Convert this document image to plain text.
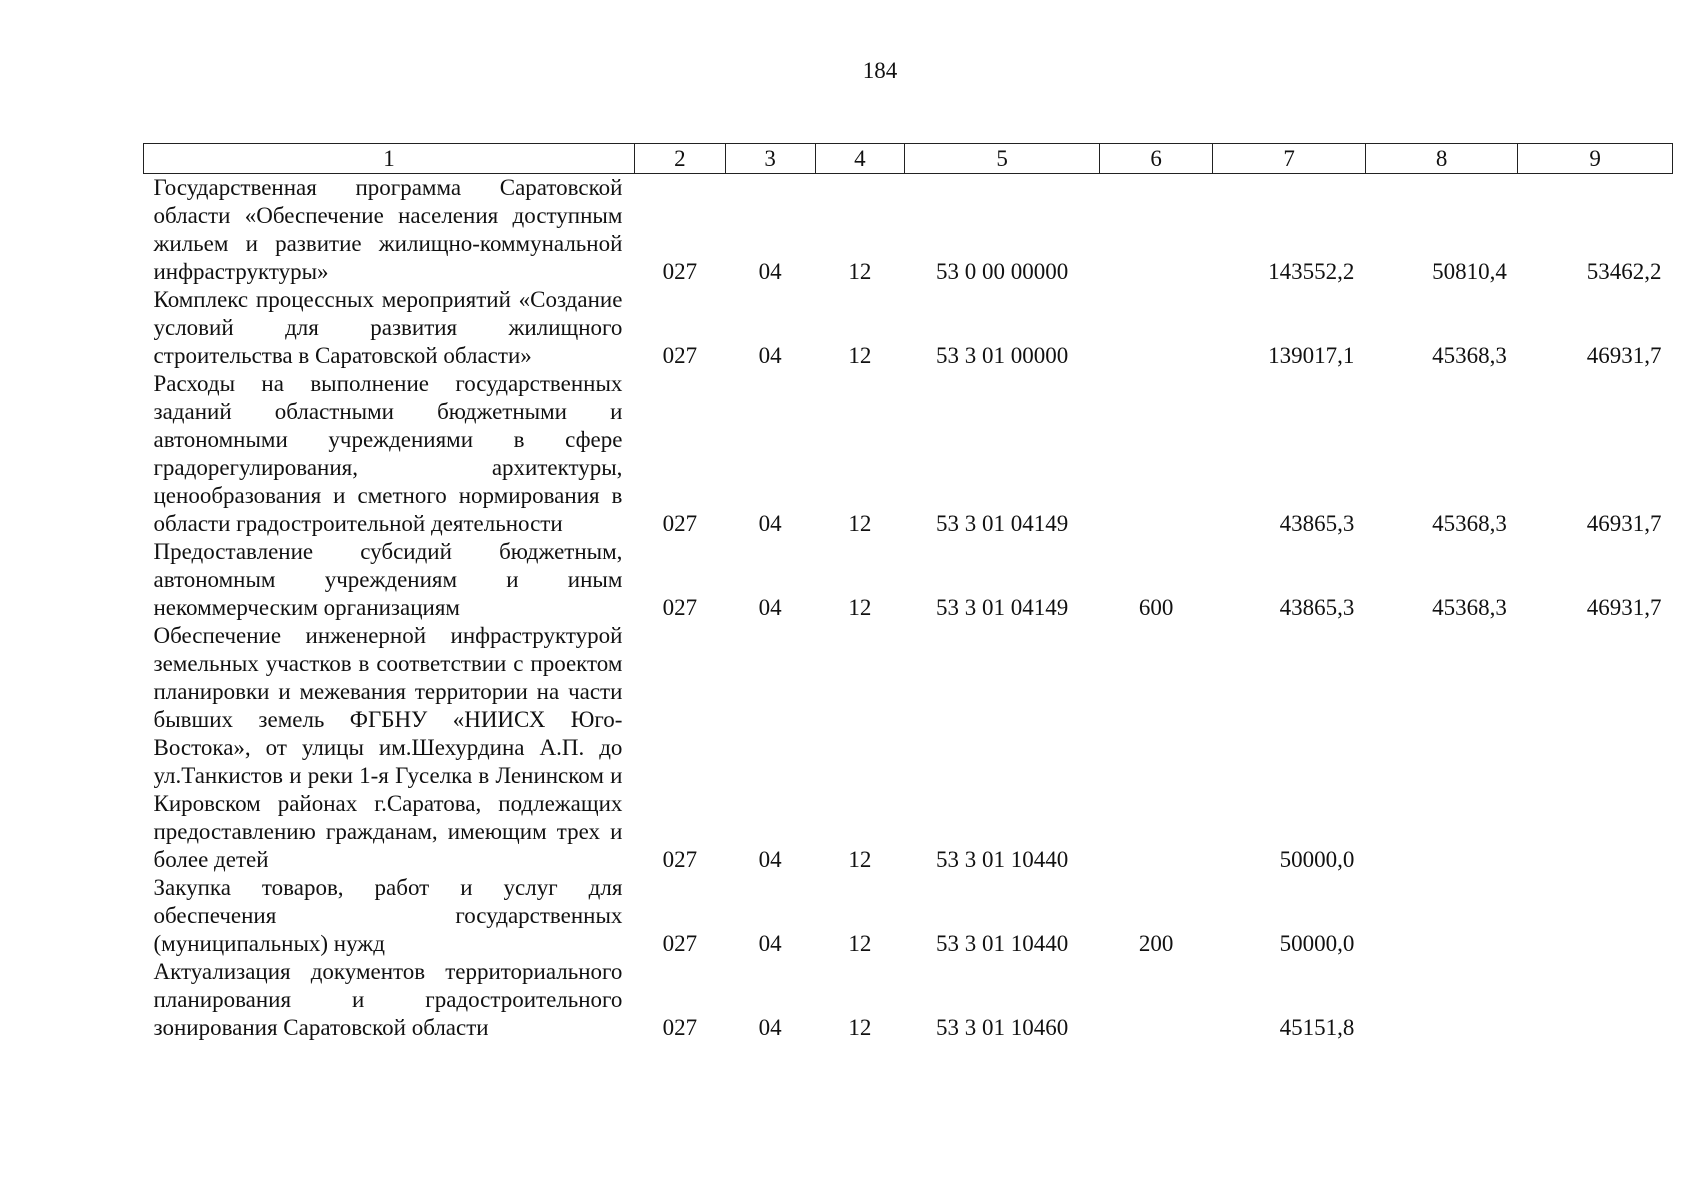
184
1	2	3	4	5	6	7	8	9
Государственная программа Саратовской области «Обеспечение населения доступным жильем и развитие жилищно-коммунальной инфраструктуры»	027	04	12	53 0 00 00000		143552,2	50810,4	53462,2
Комплекс процессных мероприятий «Создание условий для развития жилищного строительства в Саратовской области»	027	04	12	53 3 01 00000		139017,1	45368,3	46931,7
Расходы на выполнение государственных заданий областными бюджетными и автономными учреждениями в сфере градорегулирования, архитектуры, ценообразования и сметного нормирования в области градостроительной деятельности	027	04	12	53 3 01 04149		43865,3	45368,3	46931,7
Предоставление субсидий бюджетным, автономным учреждениям и иным некоммерческим организациям	027	04	12	53 3 01 04149	600	43865,3	45368,3	46931,7
Обеспечение инженерной инфраструктурой земельных участков в соответствии с проектом планировки и межевания территории на части бывших земель ФГБНУ «НИИСХ Юго-Востока», от улицы им.Шехурдина А.П. до ул.Танкистов и реки 1-я Гуселка в Ленинском и Кировском районах г.Саратова, подлежащих предоставлению гражданам, имеющим трех и более детей	027	04	12	53 3 01 10440		50000,0		
Закупка товаров, работ и услуг для обеспечения государственных (муниципальных) нужд	027	04	12	53 3 01 10440	200	50000,0		
Актуализация документов территориального планирования и градостроительного зонирования Саратовской области	027	04	12	53 3 01 10460		45151,8		
